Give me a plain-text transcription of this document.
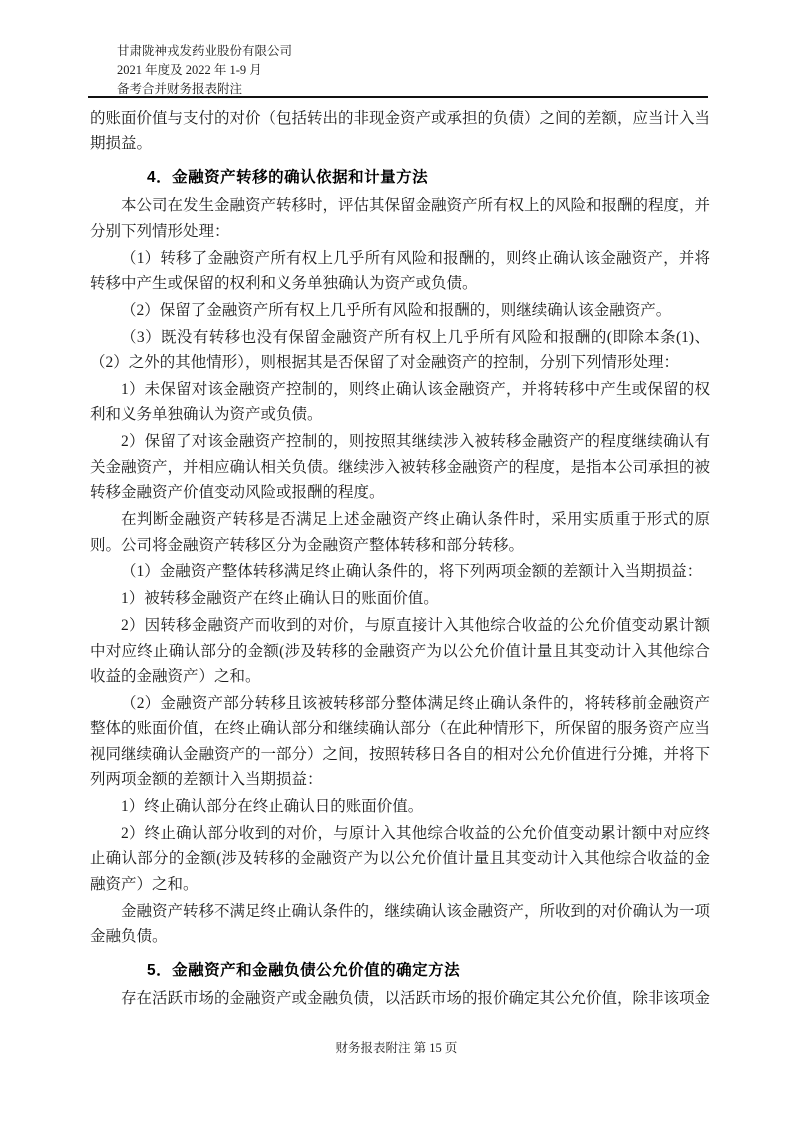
甘肃陇神戎发药业股份有限公司
2021 年度及 2022 年 1-9 月
备考合并财务报表附注

的账面价值与支付的对价（包括转出的非现金资产或承担的负债）之间的差额，应当计入当期损益。

4．金融资产转移的确认依据和计量方法

本公司在发生金融资产转移时，评估其保留金融资产所有权上的风险和报酬的程度，并分别下列情形处理：

（1）转移了金融资产所有权上几乎所有风险和报酬的，则终止确认该金融资产，并将转移中产生或保留的权利和义务单独确认为资产或负债。

（2）保留了金融资产所有权上几乎所有风险和报酬的，则继续确认该金融资产。

（3）既没有转移也没有保留金融资产所有权上几乎所有风险和报酬的(即除本条(1)、（2）之外的其他情形），则根据其是否保留了对金融资产的控制，分别下列情形处理：

1）未保留对该金融资产控制的，则终止确认该金融资产，并将转移中产生或保留的权利和义务单独确认为资产或负债。

2）保留了对该金融资产控制的，则按照其继续涉入被转移金融资产的程度继续确认有关金融资产，并相应确认相关负债。继续涉入被转移金融资产的程度，是指本公司承担的被转移金融资产价值变动风险或报酬的程度。

在判断金融资产转移是否满足上述金融资产终止确认条件时，采用实质重于形式的原则。公司将金融资产转移区分为金融资产整体转移和部分转移。

（1）金融资产整体转移满足终止确认条件的，将下列两项金额的差额计入当期损益：

1）被转移金融资产在终止确认日的账面价值。

2）因转移金融资产而收到的对价，与原直接计入其他综合收益的公允价值变动累计额中对应终止确认部分的金额(涉及转移的金融资产为以公允价值计量且其变动计入其他综合收益的金融资产）之和。

（2）金融资产部分转移且该被转移部分整体满足终止确认条件的，将转移前金融资产整体的账面价值，在终止确认部分和继续确认部分（在此种情形下，所保留的服务资产应当视同继续确认金融资产的一部分）之间，按照转移日各自的相对公允价值进行分摊，并将下列两项金额的差额计入当期损益：

1）终止确认部分在终止确认日的账面价值。

2）终止确认部分收到的对价，与原计入其他综合收益的公允价值变动累计额中对应终止确认部分的金额(涉及转移的金融资产为以公允价值计量且其变动计入其他综合收益的金融资产）之和。

金融资产转移不满足终止确认条件的，继续确认该金融资产，所收到的对价确认为一项金融负债。

5．金融资产和金融负债公允价值的确定方法

存在活跃市场的金融资产或金融负债，以活跃市场的报价确定其公允价值，除非该项金

财务报表附注 第 15 页
